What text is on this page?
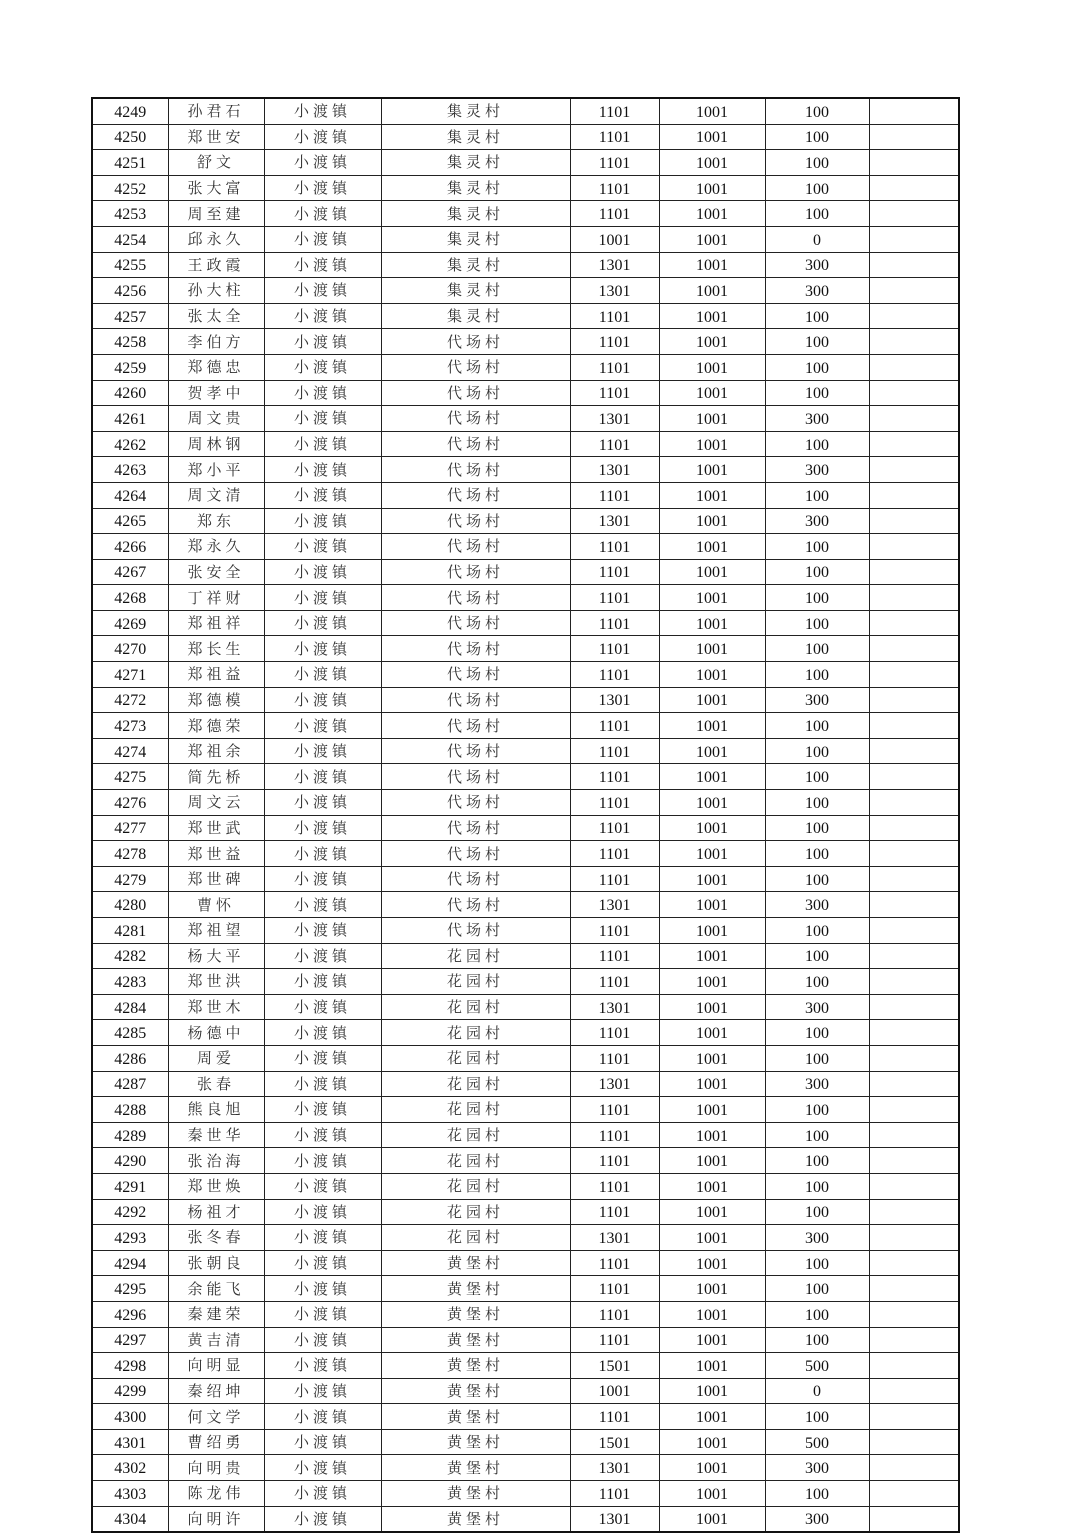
4249	孙君石	小渡镇	集灵村	1101	1001	100	
4250	郑世安	小渡镇	集灵村	1101	1001	100	
4251	舒文	小渡镇	集灵村	1101	1001	100	
4252	张大富	小渡镇	集灵村	1101	1001	100	
4253	周至建	小渡镇	集灵村	1101	1001	100	
4254	邱永久	小渡镇	集灵村	1001	1001	0	
4255	王政霞	小渡镇	集灵村	1301	1001	300	
4256	孙大柱	小渡镇	集灵村	1301	1001	300	
4257	张太全	小渡镇	集灵村	1101	1001	100	
4258	李伯方	小渡镇	代场村	1101	1001	100	
4259	郑德忠	小渡镇	代场村	1101	1001	100	
4260	贺孝中	小渡镇	代场村	1101	1001	100	
4261	周文贵	小渡镇	代场村	1301	1001	300	
4262	周林钢	小渡镇	代场村	1101	1001	100	
4263	郑小平	小渡镇	代场村	1301	1001	300	
4264	周文清	小渡镇	代场村	1101	1001	100	
4265	郑东	小渡镇	代场村	1301	1001	300	
4266	郑永久	小渡镇	代场村	1101	1001	100	
4267	张安全	小渡镇	代场村	1101	1001	100	
4268	丁祥财	小渡镇	代场村	1101	1001	100	
4269	郑祖祥	小渡镇	代场村	1101	1001	100	
4270	郑长生	小渡镇	代场村	1101	1001	100	
4271	郑祖益	小渡镇	代场村	1101	1001	100	
4272	郑德模	小渡镇	代场村	1301	1001	300	
4273	郑德荣	小渡镇	代场村	1101	1001	100	
4274	郑祖余	小渡镇	代场村	1101	1001	100	
4275	简先桥	小渡镇	代场村	1101	1001	100	
4276	周文云	小渡镇	代场村	1101	1001	100	
4277	郑世武	小渡镇	代场村	1101	1001	100	
4278	郑世益	小渡镇	代场村	1101	1001	100	
4279	郑世碑	小渡镇	代场村	1101	1001	100	
4280	曹怀	小渡镇	代场村	1301	1001	300	
4281	郑祖望	小渡镇	代场村	1101	1001	100	
4282	杨大平	小渡镇	花园村	1101	1001	100	
4283	郑世洪	小渡镇	花园村	1101	1001	100	
4284	郑世木	小渡镇	花园村	1301	1001	300	
4285	杨德中	小渡镇	花园村	1101	1001	100	
4286	周爱	小渡镇	花园村	1101	1001	100	
4287	张春	小渡镇	花园村	1301	1001	300	
4288	熊良旭	小渡镇	花园村	1101	1001	100	
4289	秦世华	小渡镇	花园村	1101	1001	100	
4290	张治海	小渡镇	花园村	1101	1001	100	
4291	郑世焕	小渡镇	花园村	1101	1001	100	
4292	杨祖才	小渡镇	花园村	1101	1001	100	
4293	张冬春	小渡镇	花园村	1301	1001	300	
4294	张朝良	小渡镇	黄堡村	1101	1001	100	
4295	余能飞	小渡镇	黄堡村	1101	1001	100	
4296	秦建荣	小渡镇	黄堡村	1101	1001	100	
4297	黄吉清	小渡镇	黄堡村	1101	1001	100	
4298	向明显	小渡镇	黄堡村	1501	1001	500	
4299	秦绍坤	小渡镇	黄堡村	1001	1001	0	
4300	何文学	小渡镇	黄堡村	1101	1001	100	
4301	曹绍勇	小渡镇	黄堡村	1501	1001	500	
4302	向明贵	小渡镇	黄堡村	1301	1001	300	
4303	陈龙伟	小渡镇	黄堡村	1101	1001	100	
4304	向明许	小渡镇	黄堡村	1301	1001	300	
